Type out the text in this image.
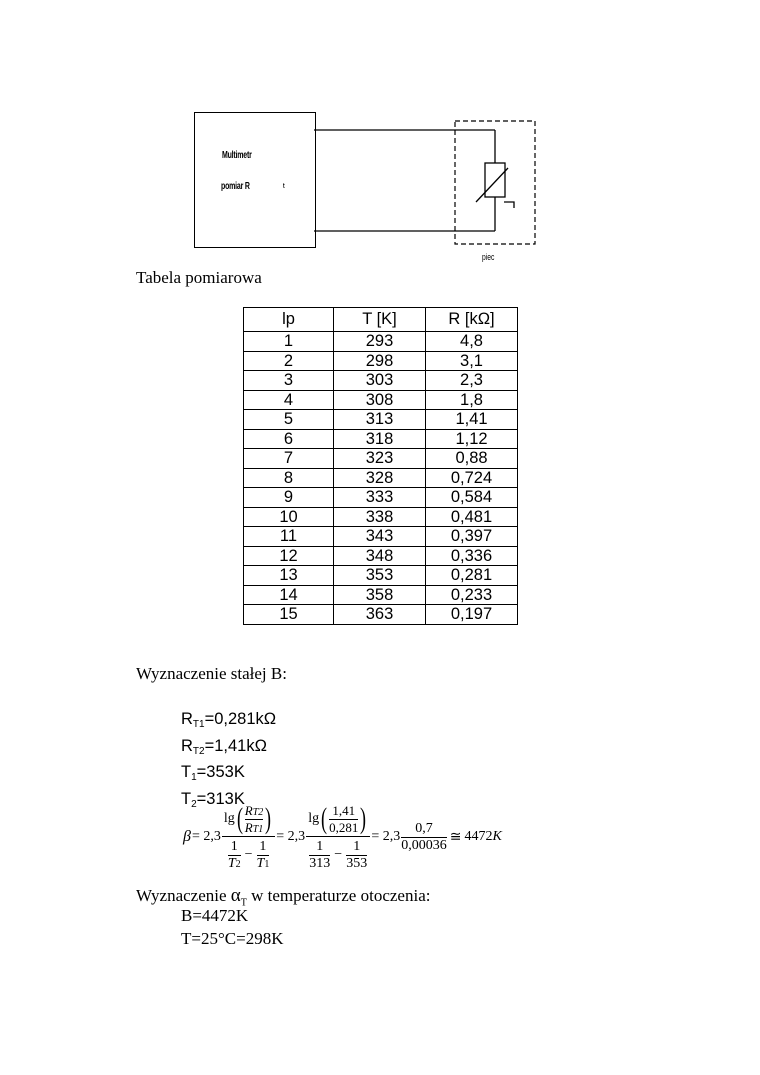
Multimetr
pomiar R	t
piec
Tabela pomiarowa
lp	T [K]	R [kΩ]
1	293	4,8
2	298	3,1
3	303	2,3
4	308	1,8
5	313	1,41
6	318	1,12
7	323	0,88
8	328	0,724
9	333	0,584
10	338	0,481
11	343	0,397
12	348	0,336
13	353	0,281
14	358	0,233
15	363	0,197
Wyznaczenie stałej B:
$R_{T1}=0,281k\Omega$
$R_{T2}=1,41k\Omega$
$T_1=353K$
$T_2=313K$
β = 2,3
lg ( $\frac{RT2}{RT1}$ )
$\frac{1}{T2} - \frac{1}{T1}$
= 2,3
lg ( $\frac{1,41}{0,281}$ )
$\frac{1}{313} - \frac{1}{353}$
= $2,3 \frac{0,7}{0,00036}$ ≅ 4472 K
Wyznaczenie $\alpha_T$ w temperaturze otoczenia:
B=4472K
T=25°C=298K
